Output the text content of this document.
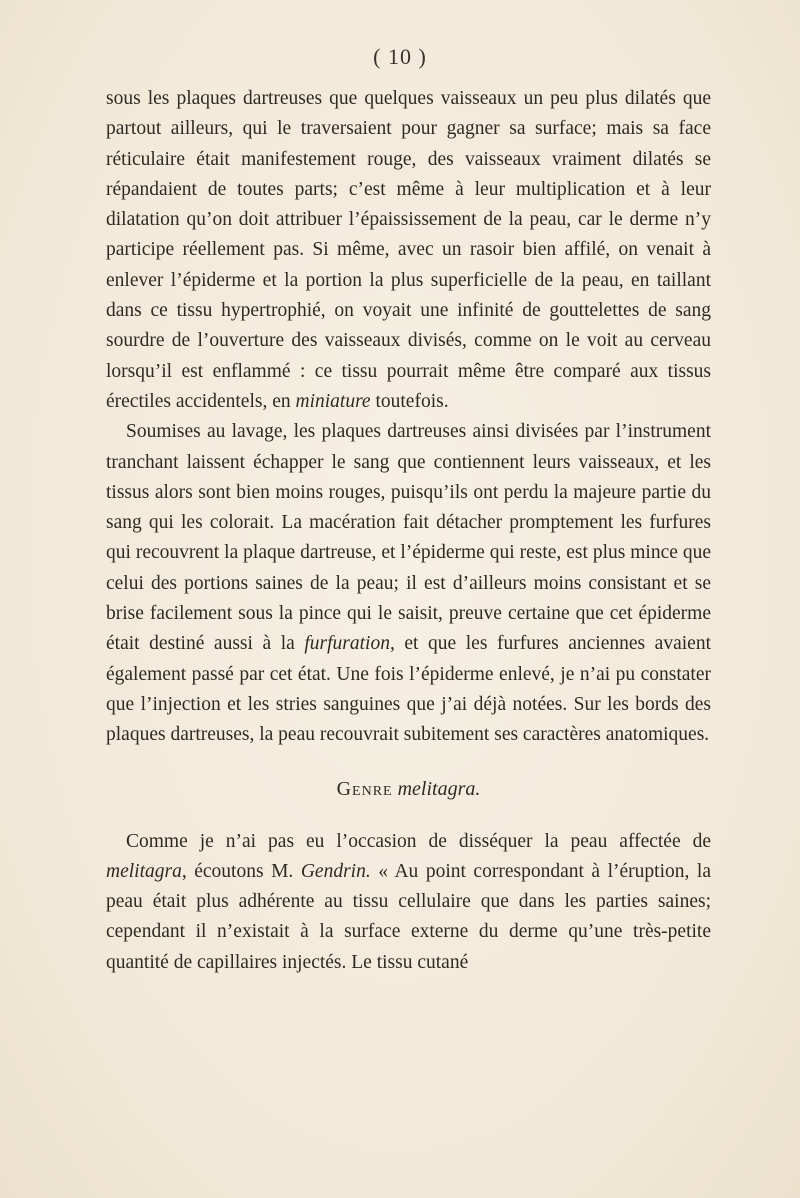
( 10 )

sous les plaques dartreuses que quelques vaisseaux un peu plus dilatés que partout ailleurs, qui le traversaient pour gagner sa surface; mais sa face réticulaire était manifestement rouge, des vaisseaux vraiment dilatés se répandaient de toutes parts; c’est même à leur multiplication et à leur dilatation qu’on doit attribuer l’épaississement de la peau, car le derme n’y participe réellement pas. Si même, avec un rasoir bien affilé, on venait à enlever l’épiderme et la portion la plus superficielle de la peau, en taillant dans ce tissu hypertrophié, on voyait une infinité de gouttelettes de sang sourdre de l’ouverture des vaisseaux divisés, comme on le voit au cerveau lorsqu’il est enflammé : ce tissu pourrait même être comparé aux tissus érectiles accidentels, en miniature toutefois.

Soumises au lavage, les plaques dartreuses ainsi divisées par l’instrument tranchant laissent échapper le sang que contiennent leurs vaisseaux, et les tissus alors sont bien moins rouges, puisqu’ils ont perdu la majeure partie du sang qui les colorait. La macération fait détacher promptement les furfures qui recouvrent la plaque dartreuse, et l’épiderme qui reste, est plus mince que celui des portions saines de la peau; il est d’ailleurs moins consistant et se brise facilement sous la pince qui le saisit, preuve certaine que cet épiderme était destiné aussi à la furfuration, et que les furfures anciennes avaient également passé par cet état. Une fois l’épiderme enlevé, je n’ai pu constater que l’injection et les stries sanguines que j’ai déjà notées. Sur les bords des plaques dartreuses, la peau recouvrait subitement ses caractères anatomiques.

Genre melitagra.

Comme je n’ai pas eu l’occasion de disséquer la peau affectée de melitagra, écoutons M. Gendrin. « Au point correspondant à l’éruption, la peau était plus adhérente au tissu cellulaire que dans les parties saines; cependant il n’existait à la surface externe du derme qu’une très-petite quantité de capillaires injectés. Le tissu cutané
